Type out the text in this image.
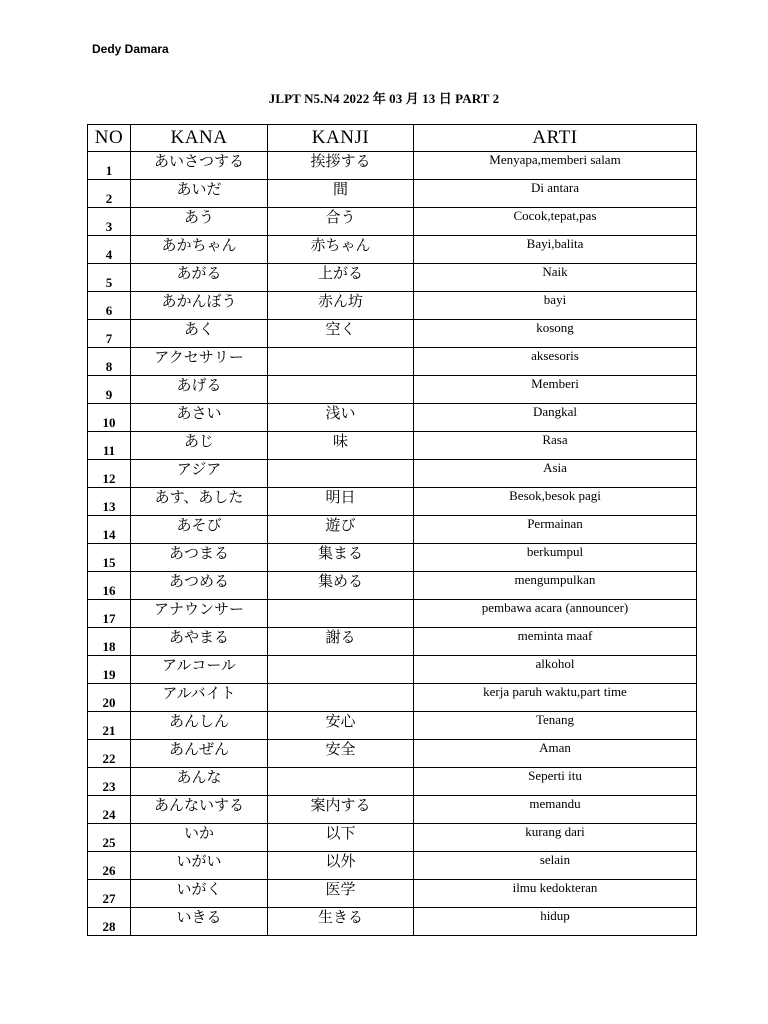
Dedy Damara
JLPT N5.N4 2022 年 03 月 13 日 PART 2
NO	KANA	KANJI	ARTI
1	あいさつする	挨拶する	Menyapa,memberi salam
2	あいだ	間	Di antara
3	あう	合う	Cocok,tepat,pas
4	あかちゃん	赤ちゃん	Bayi,balita
5	あがる	上がる	Naik
6	あかんぼう	赤ん坊	bayi
7	あく	空く	kosong
8	アクセサリー		aksesoris
9	あげる		Memberi
10	あさい	浅い	Dangkal
11	あじ	味	Rasa
12	アジア		Asia
13	あす、あした	明日	Besok,besok pagi
14	あそび	遊び	Permainan
15	あつまる	集まる	berkumpul
16	あつめる	集める	mengumpulkan
17	アナウンサー		pembawa acara (announcer)
18	あやまる	謝る	meminta maaf
19	アルコール		alkohol
20	アルバイト		kerja paruh waktu,part time
21	あんしん	安心	Tenang
22	あんぜん	安全	Aman
23	あんな		Seperti itu
24	あんないする	案内する	memandu
25	いか	以下	kurang dari
26	いがい	以外	selain
27	いがく	医学	ilmu kedokteran
28	いきる	生きる	hidup
